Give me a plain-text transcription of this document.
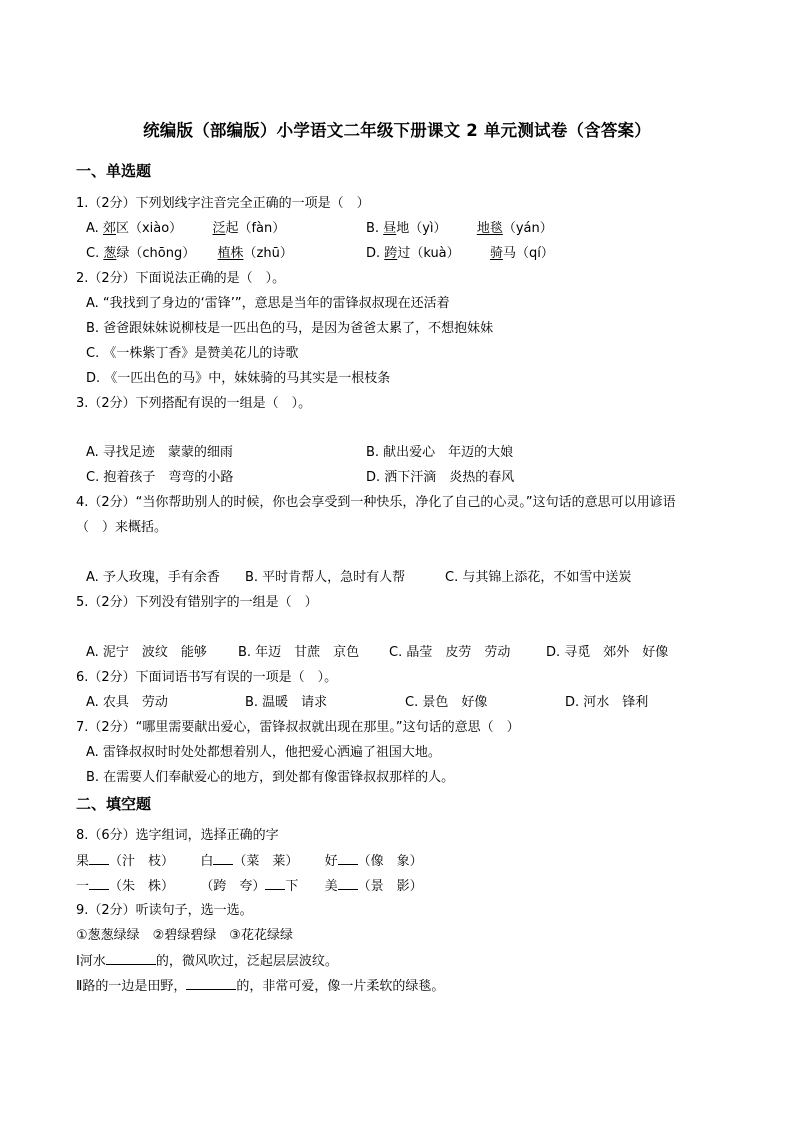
统编版（部编版）小学语文二年级下册课文 2 单元测试卷（含答案）
一、单选题
1.（2分）下列划线字注音完全正确的一项是（　）
A. 郊区（xiào） 泛起（fàn）	B. 昼地（yì） 地毯（yán）
C. 葱绿（chōng） 植株（zhū）	D. 跨过（kuà） 骑马（qí）
2.（2分）下面说法正确的是（　）。
A. “我找到了身边的‘雷锋’”，意思是当年的雷锋叔叔现在还活着
B. 爸爸跟妹妹说柳枝是一匹出色的马，是因为爸爸太累了，不想抱妹妹
C. 《一株紫丁香》是赞美花儿的诗歌
D. 《一匹出色的马》中，妹妹骑的马其实是一根枝条
3.（2分）下列搭配有误的一组是（　）。
A. 寻找足迹　蒙蒙的细雨	B. 献出爱心　年迈的大娘
C. 抱着孩子　弯弯的小路	D. 洒下汗滴　炎热的春风
4.（2分）“当你帮助别人的时候，你也会享受到一种快乐，净化了自己的心灵。”这句话的意思可以用谚语
（　）来概括。
A. 予人玫瑰，手有余香 B. 平时肯帮人，急时有人帮	C. 与其锦上添花，不如雪中送炭
5.（2分）下列没有错别字的一组是（　）
A. 泥宁　波纹　能够 B. 年迈　甘蔗　京色 C. 晶莹　皮劳　劳动	D. 寻觅　郊外　好像
6.（2分）下面词语书写有误的一项是（　）。
A. 农具　劳动	B. 温暖　请求	C. 景色　好像	D. 河水　锋利
7.（2分）“哪里需要献出爱心，雷锋叔叔就出现在那里。”这句话的意思（　）
A. 雷锋叔叔时时处处都想着别人，他把爱心洒遍了祖国大地。
B. 在需要人们奉献爱心的地方，到处都有像雷锋叔叔那样的人。
二、填空题
8.（6分）选字组词，选择正确的字
果 （汁　枝） 白 （菜　莱） 好 （像　象）
一 （朱　株） （跨　夸） 下 美 （景　影）
9.（2分）听读句子，选一选。
①葱葱绿绿　②碧绿碧绿　③花花绿绿
Ⅰ河水	的，微风吹过，泛起层层波纹。
Ⅱ路的一边是田野，	的，非常可爱，像一片柔软的绿毯。
